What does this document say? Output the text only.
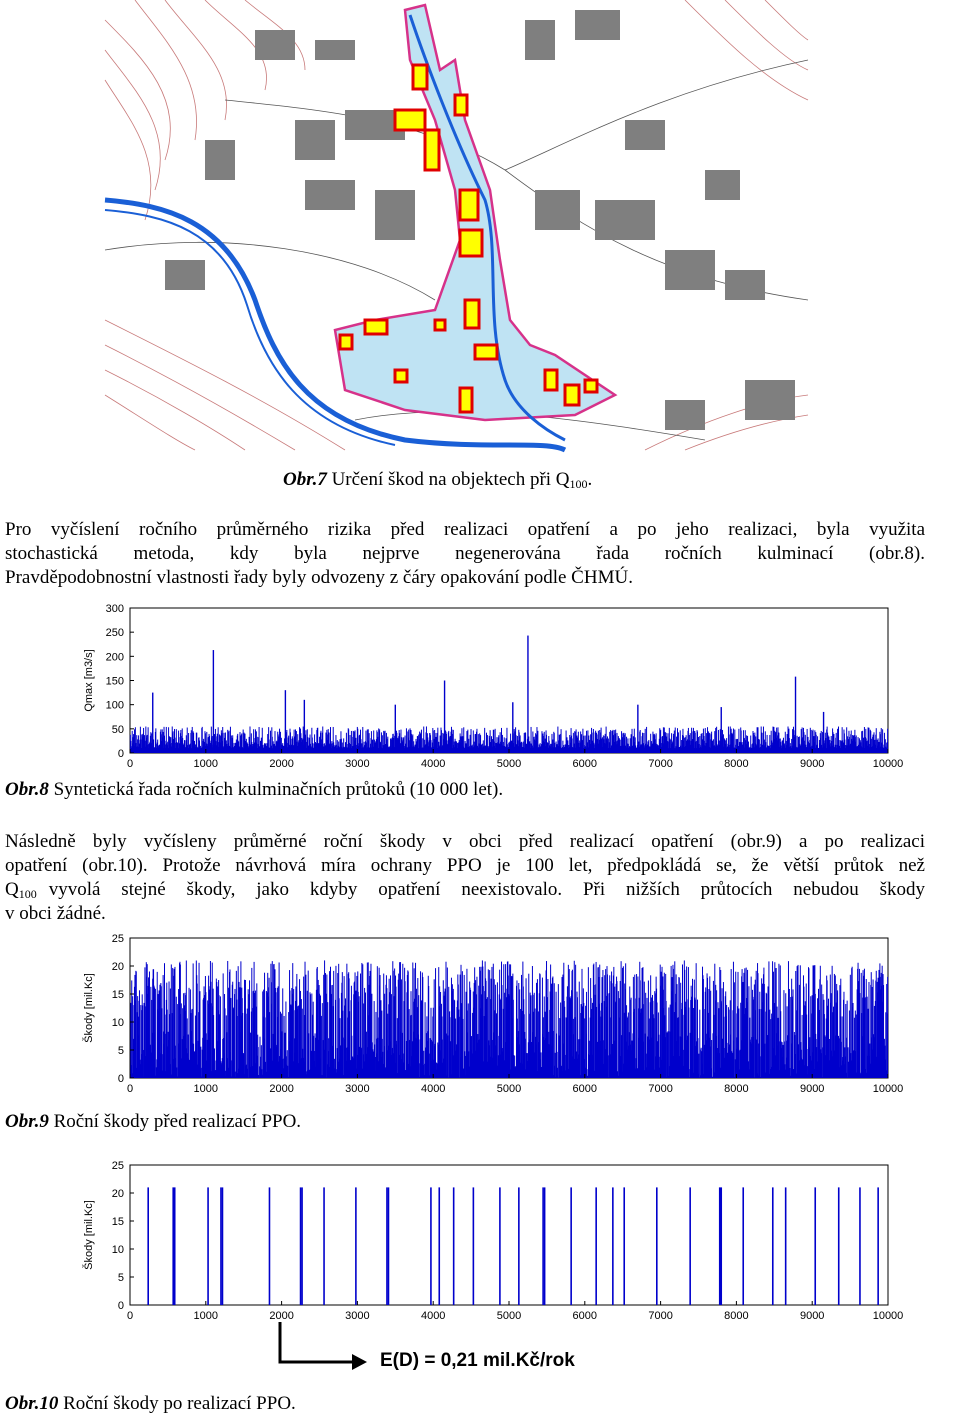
Obr.7 Určení škod na objektech při $Q_{100}$.
Pro vyčíslení ročního průměrného rizika před realizaci opatření a po jeho realizaci, byla využita
stochastická metoda, kdy byla nejprve negenerována řada ročních kulminací (obr.8).
Pravděpodobnostní vlastnosti řady byly odvozeny z čáry opakování podle ČHMÚ.
0	1000	2000	3000	4000	5000	6000	7000	8000	9000	10000
0
50
100
150
200
250
300
Qmax [m3/s]
Obr.8 Syntetická řada ročních kulminačních průtoků (10 000 let).
Následně byly vyčísleny průměrné roční škody v obci před realizací opatření (obr.9) a po realizaci
opatření (obr.10). Protože návrhová míra ochrany PPO je 100 let, předpokládá se, že větší průtok než
$Q_{100}$ vyvolá stejné škody, jako kdyby opatření neexistovalo. Při nižších průtocích nebudou škody
v obci žádné.
0	1000	2000	3000	4000	5000	6000	7000	8000	9000	10000
0
5
10
15
20
25
Škody [mil.Kc]
Obr.9 Roční škody před realizací PPO.
0	1000	2000	3000	4000	5000	6000	7000	8000	9000	10000
0
5
10
15
20
25
Škody [mil.Kc]
E(D) = 0,21 mil.Kč/rok
Obr.10 Roční škody po realizací PPO.
